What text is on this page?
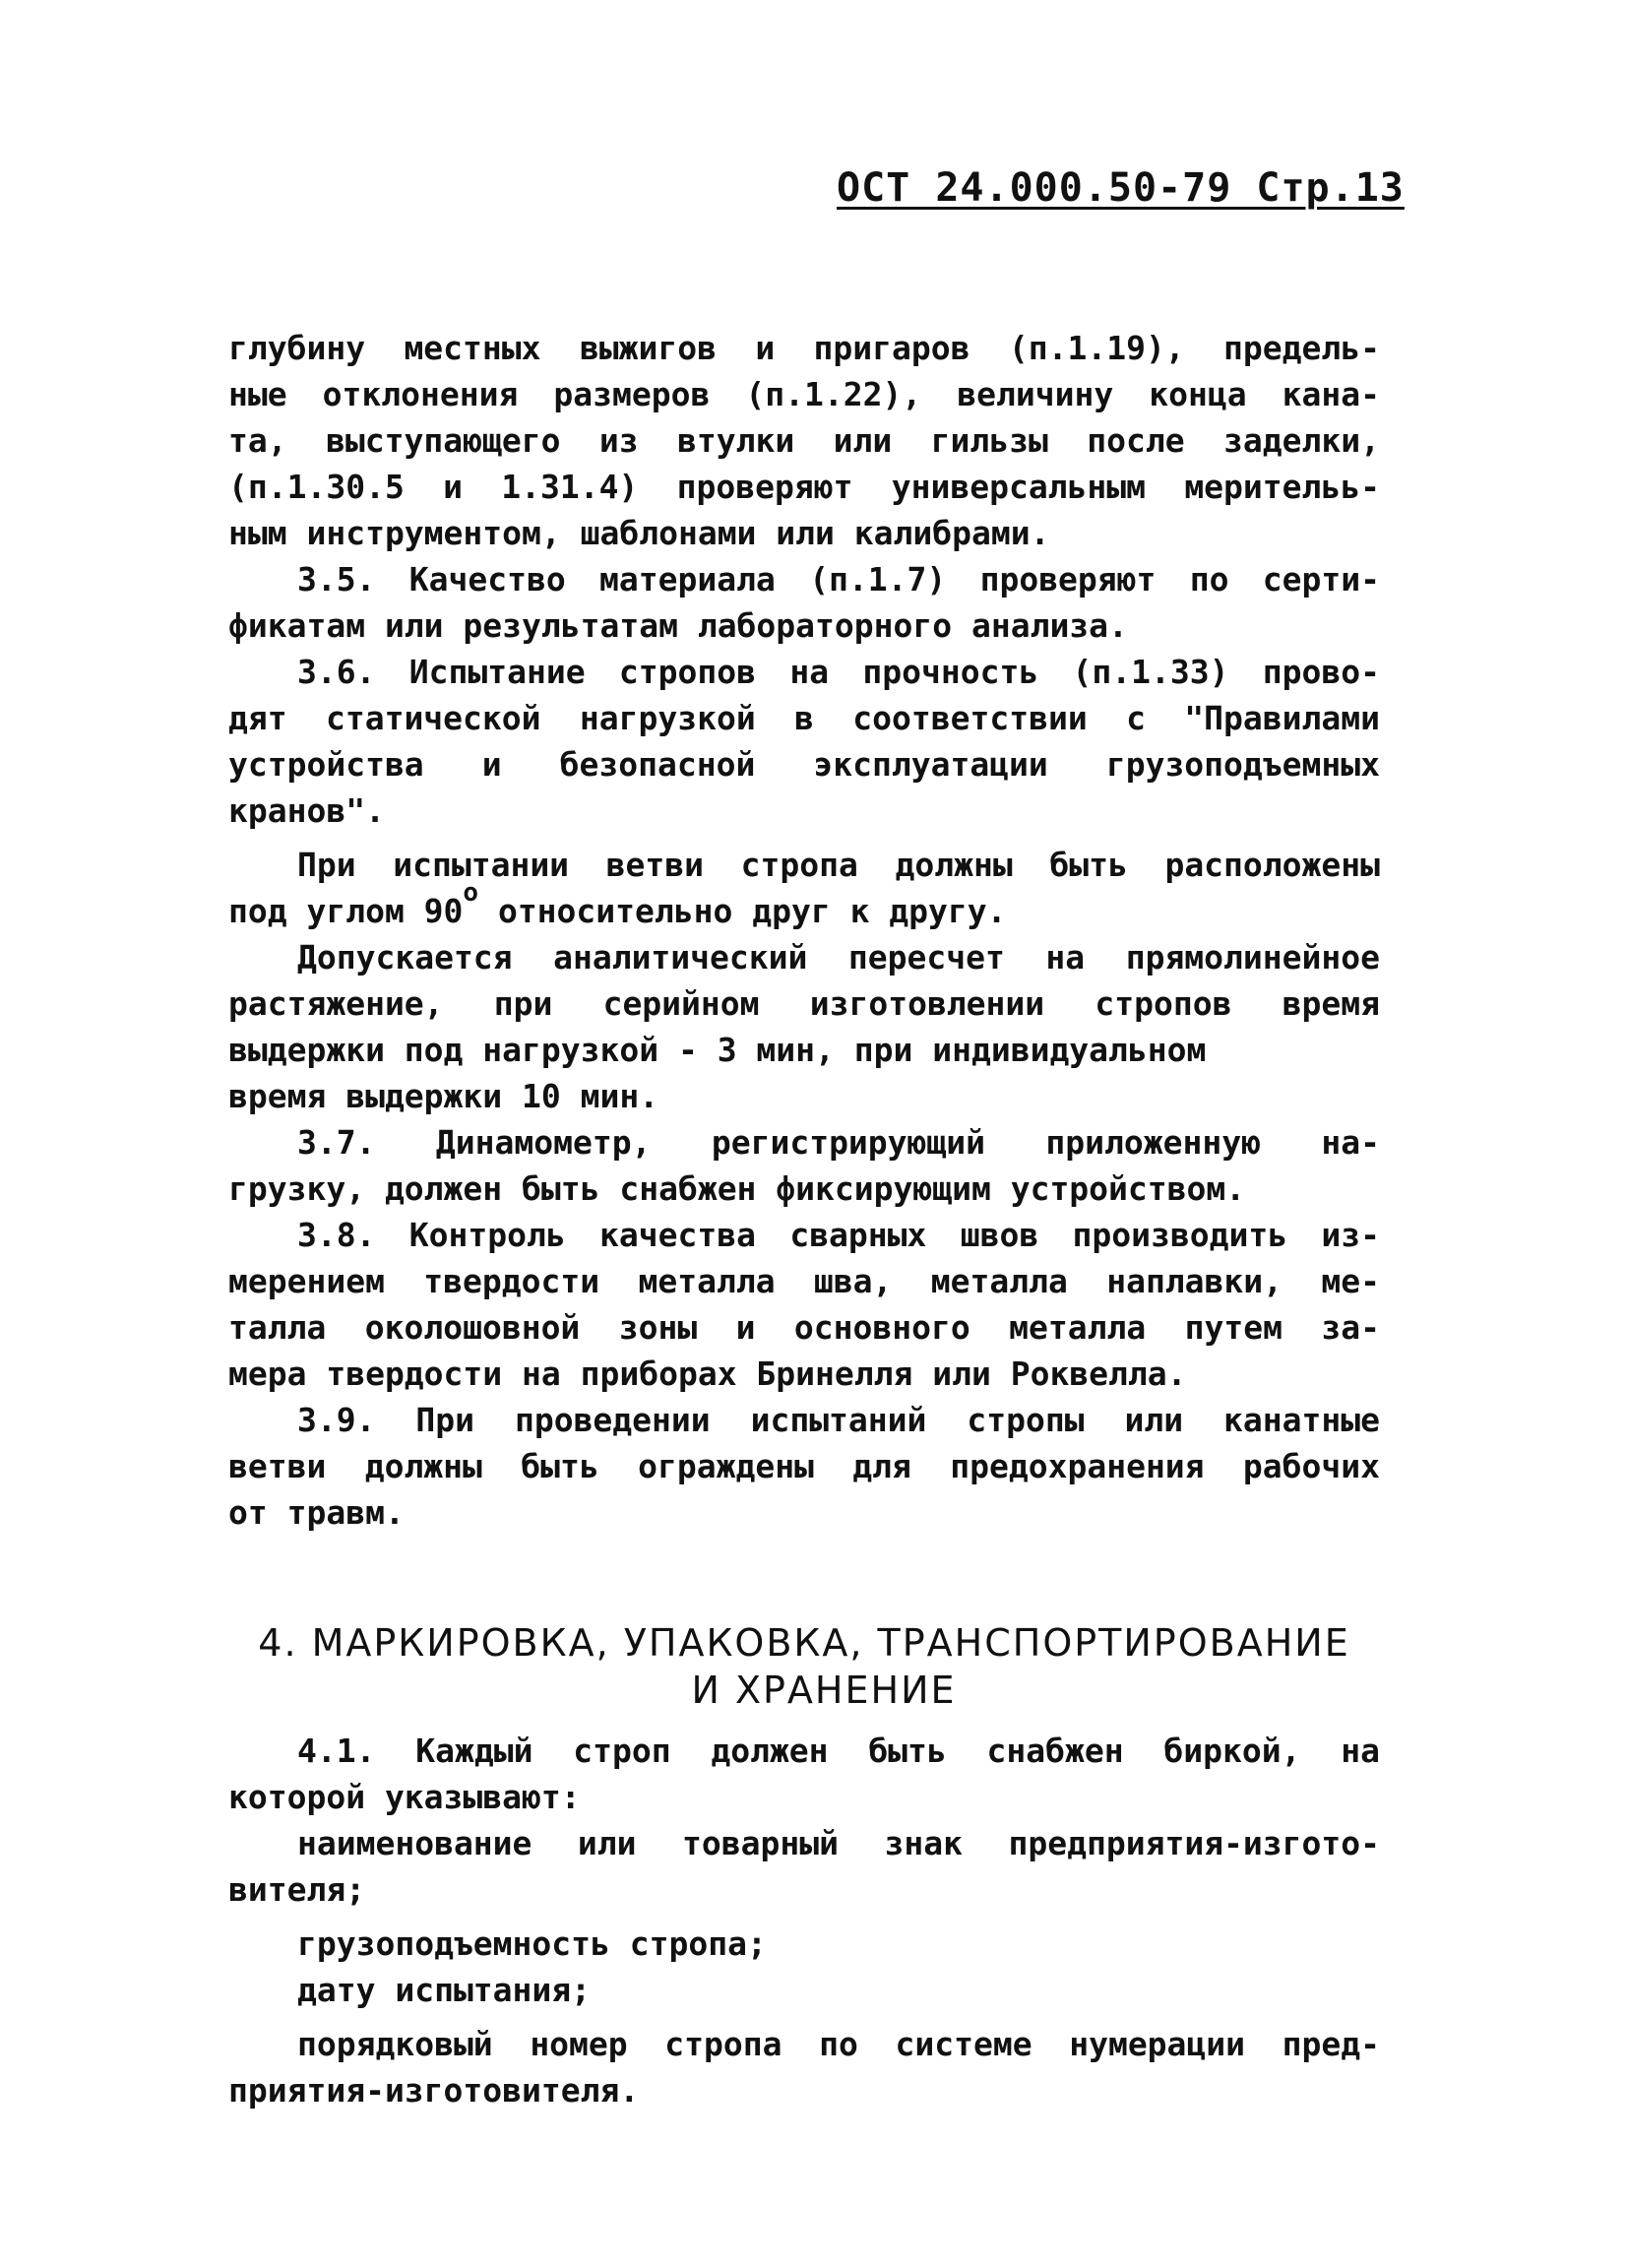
ОСТ 24.000.50-79 Стр.13
глубину местных выжигов и пригаров (п.1.19), предель-
ные отклонения размеров (п.1.22), величину конца кана-
та, выступающего из втулки или гильзы после заделки,
(п.1.30.5 и 1.31.4) проверяют универсальным мерительь-
ным инструментом, шаблонами или калибрами.
3.5. Качество материала (п.1.7) проверяют по серти-
фикатам или результатам лабораторного анализа.
3.6. Испытание стропов на прочность (п.1.33) прово-
дят статической нагрузкой в соответствии с "Правилами
устройства и безопасной эксплуатации грузоподъемных
кранов".
При испытании ветви стропа должны быть расположены
под углом $90^о$ относительно друг к другу.
Допускается аналитический пересчет на прямолинейное
растяжение, при серийном изготовлении стропов время
выдержки под нагрузкой - 3 мин, при индивидуальном
время выдержки 10 мин.
3.7. Динамометр, регистрирующий приложенную на-
грузку, должен быть снабжен фиксирующим устройством.
3.8. Контроль качества сварных швов производить из-
мерением твердости металла шва, металла наплавки, ме-
талла околошовной зоны и основного металла путем за-
мера твердости на приборах Бринелля или Роквелла.
3.9. При проведении испытаний стропы или канатные
ветви должны быть ограждены для предохранения рабочих
от травм.
4. МАРКИРОВКА, УПАКОВКА, ТРАНСПОРТИРОВАНИЕ
И ХРАНЕНИЕ
4.1. Каждый строп должен быть снабжен биркой, на
которой указывают:
наименование или товарный знак предприятия-изгото-
вителя;
грузоподъемность стропа;
дату испытания;
порядковый номер стропа по системе нумерации пред-
приятия-изготовителя.
